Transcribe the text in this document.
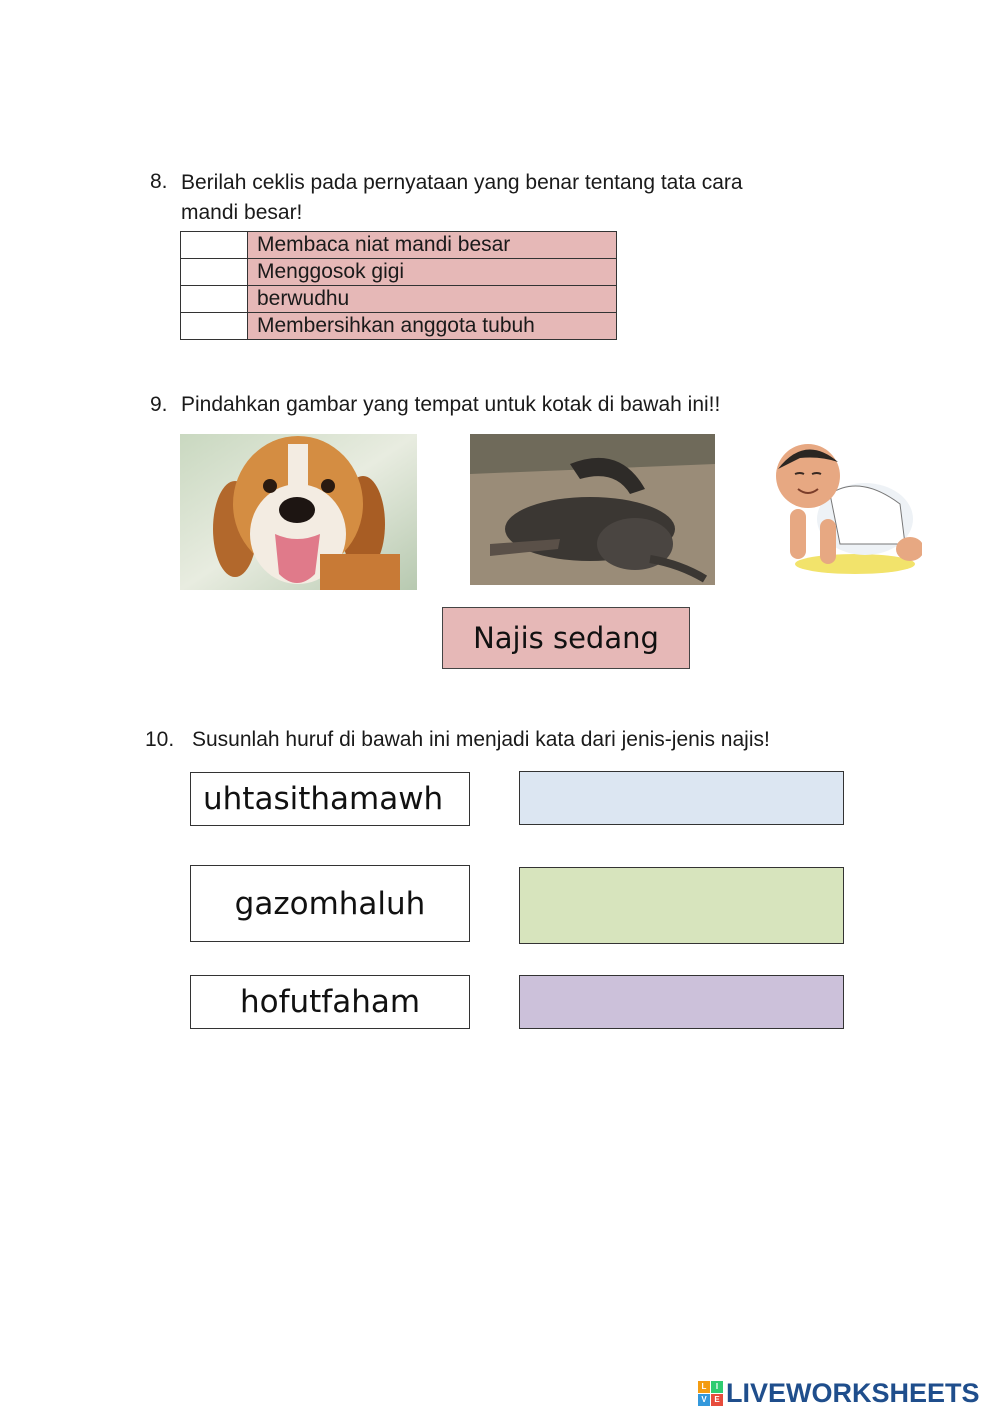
8. Berilah ceklis pada pernyataan yang benar tentang tata cara
mandi besar!
	Membaca niat mandi besar
	Menggosok gigi
	berwudhu
	Membersihkan anggota tubuh
9. Pindahkan gambar yang tempat untuk kotak di bawah ini!!
Najis sedang
10. Susunlah huruf di bawah ini menjadi kata dari jenis-jenis najis!
uhtasithamawh
gazomhaluh
hofutfaham
L	I
V E LIVEWORKSHEETS
